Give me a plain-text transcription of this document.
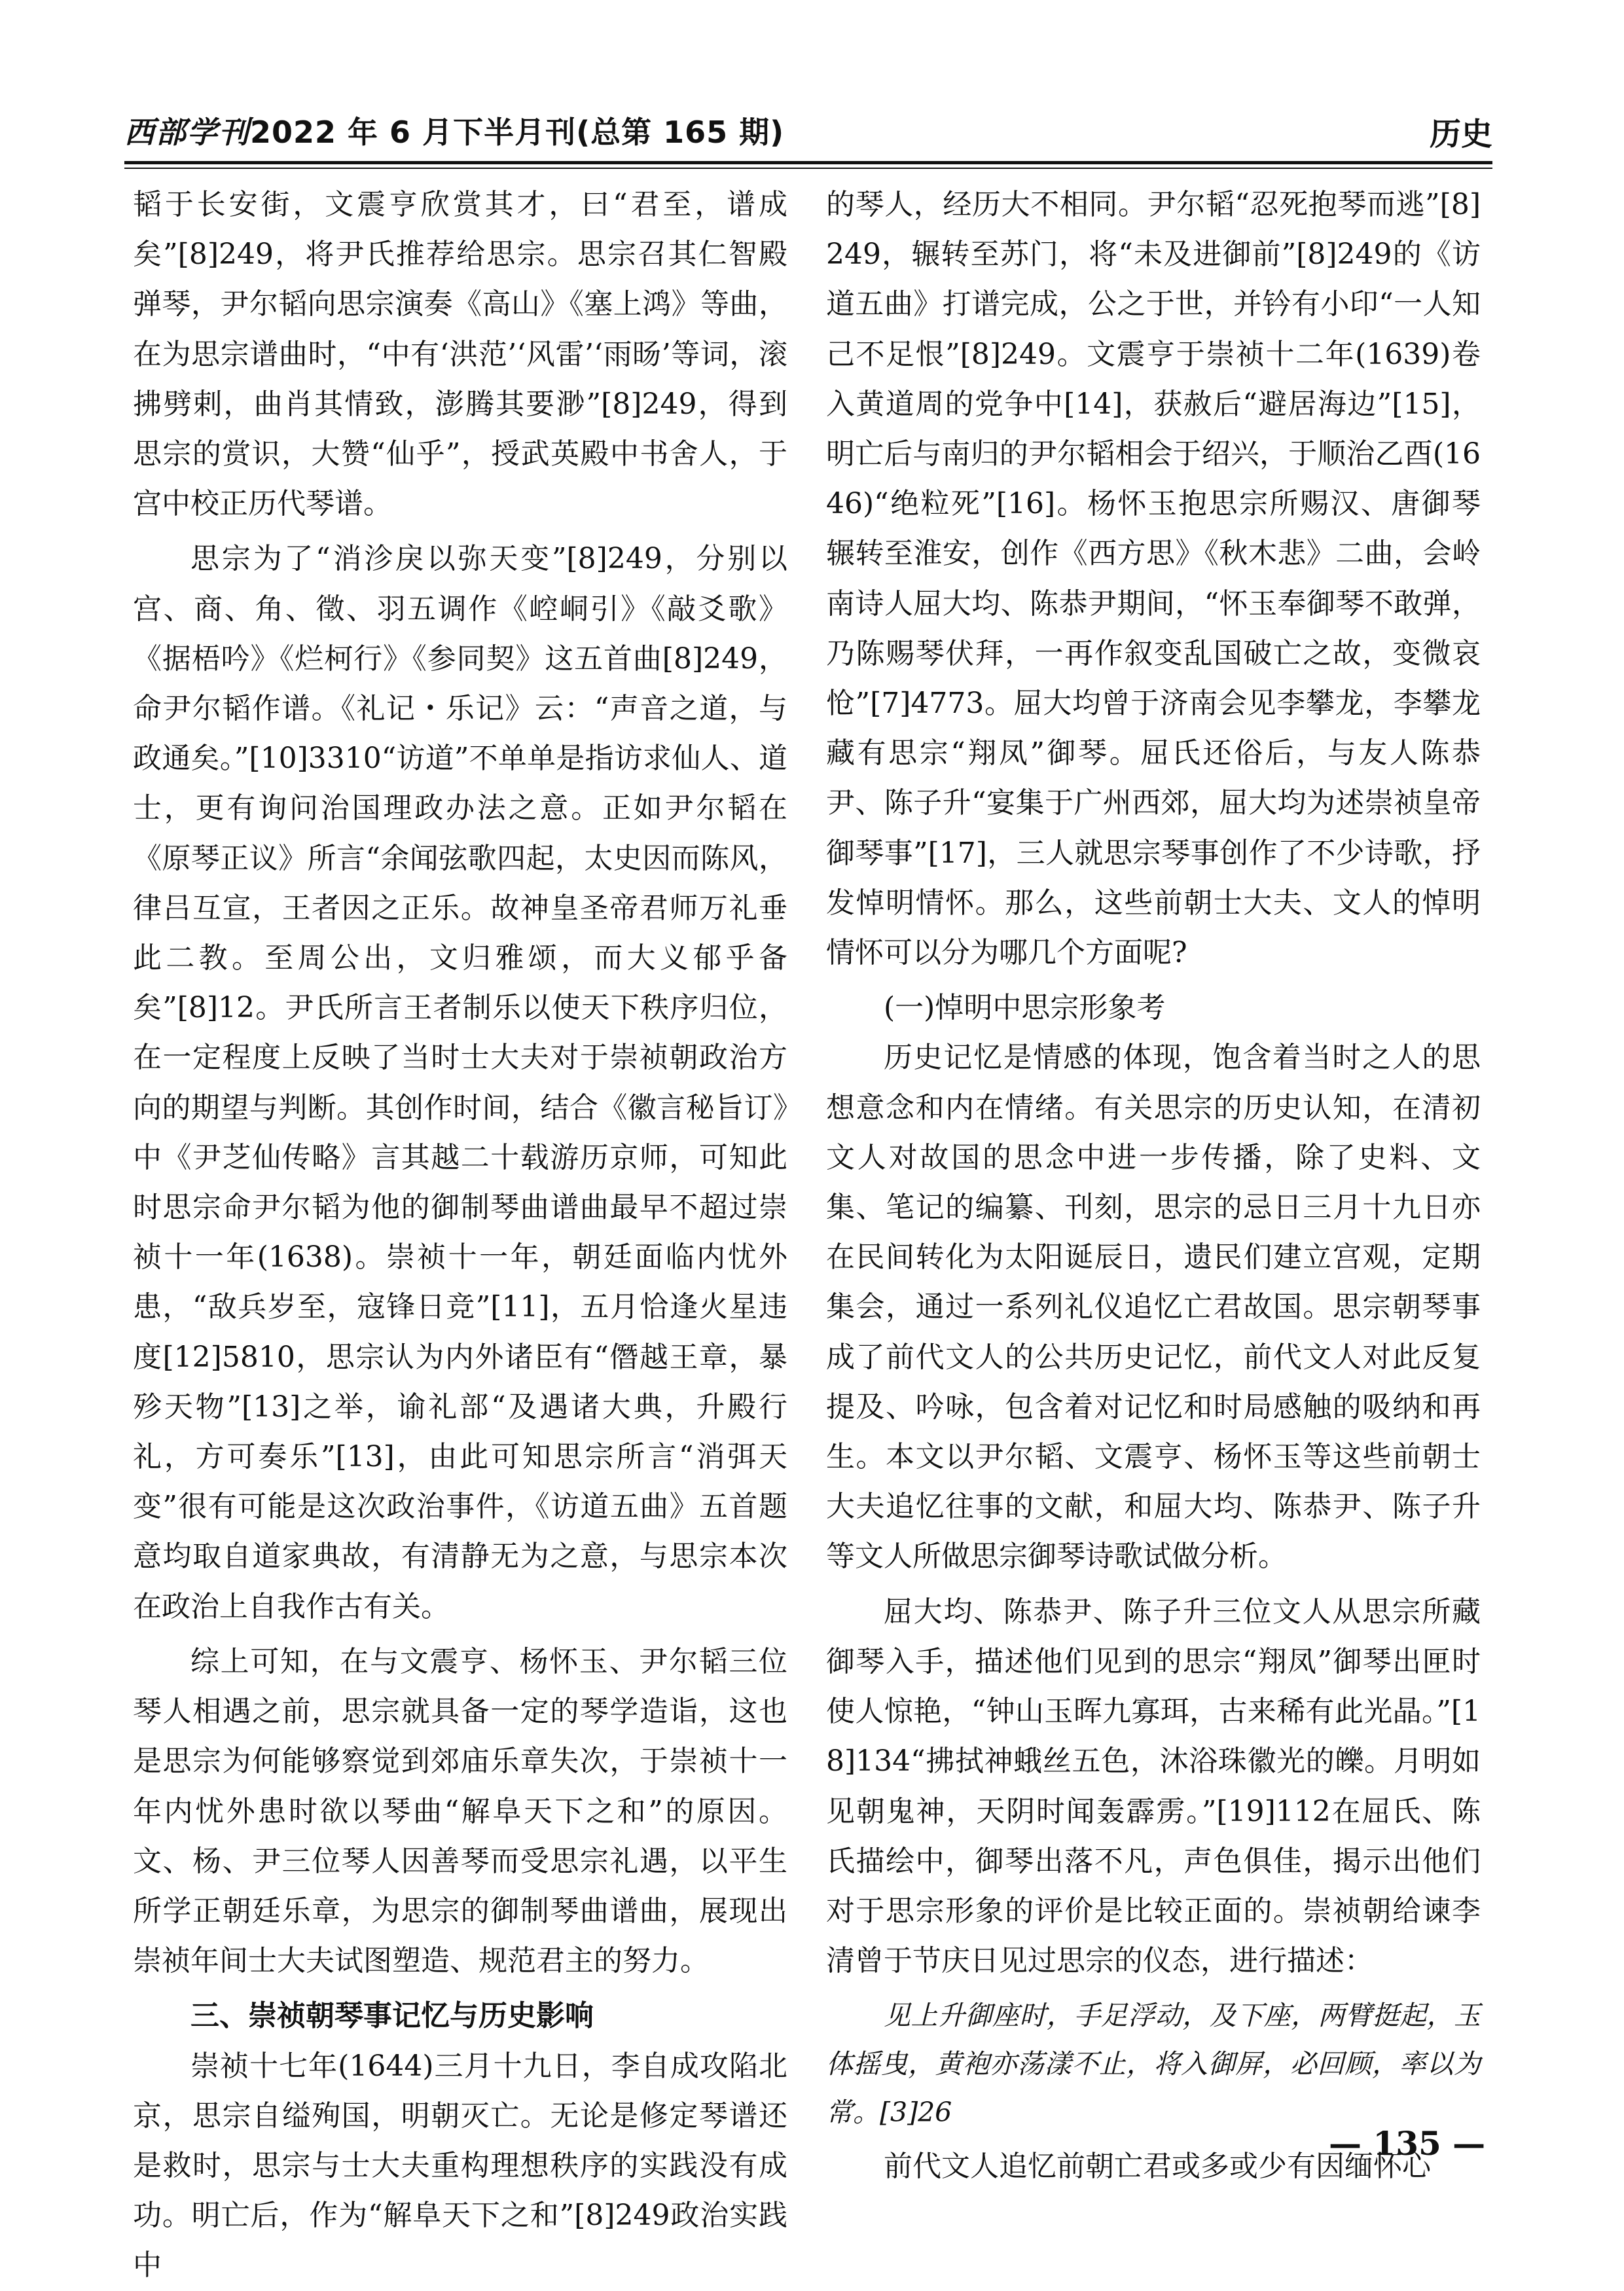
西部学刊2022 年 6 月下半月刊(总第 165 期)	历史

韬于长安街，文震亨欣赏其才，曰“君至，谱成矣”[8]249，将尹氏推荐给思宗。思宗召其仁智殿弹琴，尹尔韬向思宗演奏《高山》《塞上鸿》等曲，在为思宗谱曲时，“中有‘洪范’‘风雷’‘雨旸’等词，滚拂劈剌，曲肖其情致，澎腾其要渺”[8]249，得到思宗的赏识，大赞“仙乎”，授武英殿中书舍人，于宫中校正历代琴谱。

思宗为了“消沴戾以弥天变”[8]249，分别以宫、商、角、徵、羽五调作《崆峒引》《敲爻歌》《据梧吟》《烂柯行》《参同契》这五首曲[8]249，命尹尔韬作谱。《礼记・乐记》云：“声音之道，与政通矣。”[10]3310“访道”不单单是指访求仙人、道士，更有询问治国理政办法之意。正如尹尔韬在《原琴正议》所言“余闻弦歌四起，太史因而陈风，律吕互宣，王者因之正乐。故神皇圣帝君师万礼垂此二教。至周公出，文归雅颂，而大义郁乎备矣”[8]12。尹氏所言王者制乐以使天下秩序归位，在一定程度上反映了当时士大夫对于崇祯朝政治方向的期望与判断。其创作时间，结合《徽言秘旨订》中《尹芝仙传略》言其越二十载游历京师，可知此时思宗命尹尔韬为他的御制琴曲谱曲最早不超过崇祯十一年(1638)。崇祯十一年，朝廷面临内忧外患，“敌兵岁至，寇锋日竞”[11]，五月恰逢火星违度[12]5810，思宗认为内外诸臣有“僭越王章，暴殄天物”[13]之举，谕礼部“及遇诸大典，升殿行礼，方可奏乐”[13]，由此可知思宗所言“消弭天变”很有可能是这次政治事件，《访道五曲》五首题意均取自道家典故，有清静无为之意，与思宗本次在政治上自我作古有关。

综上可知，在与文震亨、杨怀玉、尹尔韬三位琴人相遇之前，思宗就具备一定的琴学造诣，这也是思宗为何能够察觉到郊庙乐章失次，于崇祯十一年内忧外患时欲以琴曲“解阜天下之和”的原因。文、杨、尹三位琴人因善琴而受思宗礼遇，以平生所学正朝廷乐章，为思宗的御制琴曲谱曲，展现出崇祯年间士大夫试图塑造、规范君主的努力。

三、崇祯朝琴事记忆与历史影响

崇祯十七年(1644)三月十九日，李自成攻陷北京，思宗自缢殉国，明朝灭亡。无论是修定琴谱还是救时，思宗与士大夫重构理想秩序的实践没有成功。明亡后，作为“解阜天下之和”[8]249政治实践中

的琴人，经历大不相同。尹尔韬“忍死抱琴而逃”[8]249，辗转至苏门，将“未及进御前”[8]249的《访道五曲》打谱完成，公之于世，并钤有小印“一人知己不足恨”[8]249。文震亨于崇祯十二年(1639)卷入黄道周的党争中[14]，获赦后“避居海边”[15]，明亡后与南归的尹尔韬相会于绍兴，于顺治乙酉(1646)“绝粒死”[16]。杨怀玉抱思宗所赐汉、唐御琴辗转至淮安，创作《西方思》《秋木悲》二曲，会岭南诗人屈大均、陈恭尹期间，“怀玉奉御琴不敢弹，乃陈赐琴伏拜，一再作叙变乱国破亡之故，变微哀怆”[7]4773。屈大均曾于济南会见李攀龙，李攀龙藏有思宗“翔凤”御琴。屈氏还俗后，与友人陈恭尹、陈子升“宴集于广州西郊，屈大均为述崇祯皇帝御琴事”[17]，三人就思宗琴事创作了不少诗歌，抒发悼明情怀。那么，这些前朝士大夫、文人的悼明情怀可以分为哪几个方面呢?

(一)悼明中思宗形象考

历史记忆是情感的体现，饱含着当时之人的思想意念和内在情绪。有关思宗的历史认知，在清初文人对故国的思念中进一步传播，除了史料、文集、笔记的编纂、刊刻，思宗的忌日三月十九日亦在民间转化为太阳诞辰日，遗民们建立宫观，定期集会，通过一系列礼仪追忆亡君故国。思宗朝琴事成了前代文人的公共历史记忆，前代文人对此反复提及、吟咏，包含着对记忆和时局感触的吸纳和再生。本文以尹尔韬、文震亨、杨怀玉等这些前朝士大夫追忆往事的文献，和屈大均、陈恭尹、陈子升等文人所做思宗御琴诗歌试做分析。

屈大均、陈恭尹、陈子升三位文人从思宗所藏御琴入手，描述他们见到的思宗“翔凤”御琴出匣时使人惊艳，“钟山玉晖九寡珥，古来稀有此光晶。”[18]134“拂拭神蛾丝五色，沐浴珠徽光的皪。月明如见朝鬼神，天阴时闻轰霹雳。”[19]112在屈氏、陈氏描绘中，御琴出落不凡，声色俱佳，揭示出他们对于思宗形象的评价是比较正面的。崇祯朝给谏李清曾于节庆日见过思宗的仪态，进行描述：

见上升御座时，手足浮动，及下座，两臂挺起，玉体摇曳，黄袍亦荡漾不止，将入御屏，必回顾，率以为常。[3]26

前代文人追忆前朝亡君或多或少有因缅怀心

— 135 —
